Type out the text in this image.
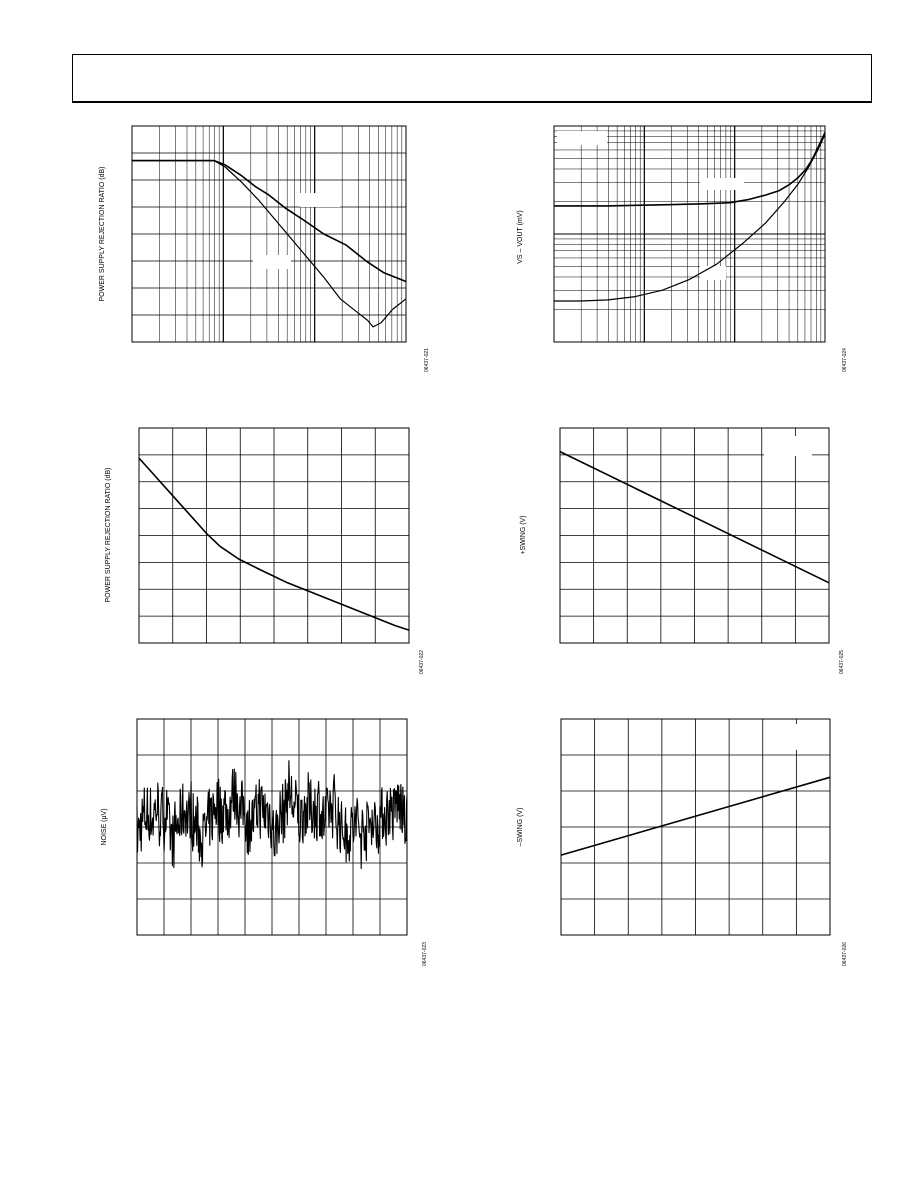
POWER SUPPLY REJECTION RATIO (dB)
06437-021
VS – VOUT (mV)
06437-024
POWER SUPPLY REJECTION RATIO (dB)
06437-022
+SWING (V)
06437-025
NOISE (µV)
06437-023
–SWING (V)
06437-026
